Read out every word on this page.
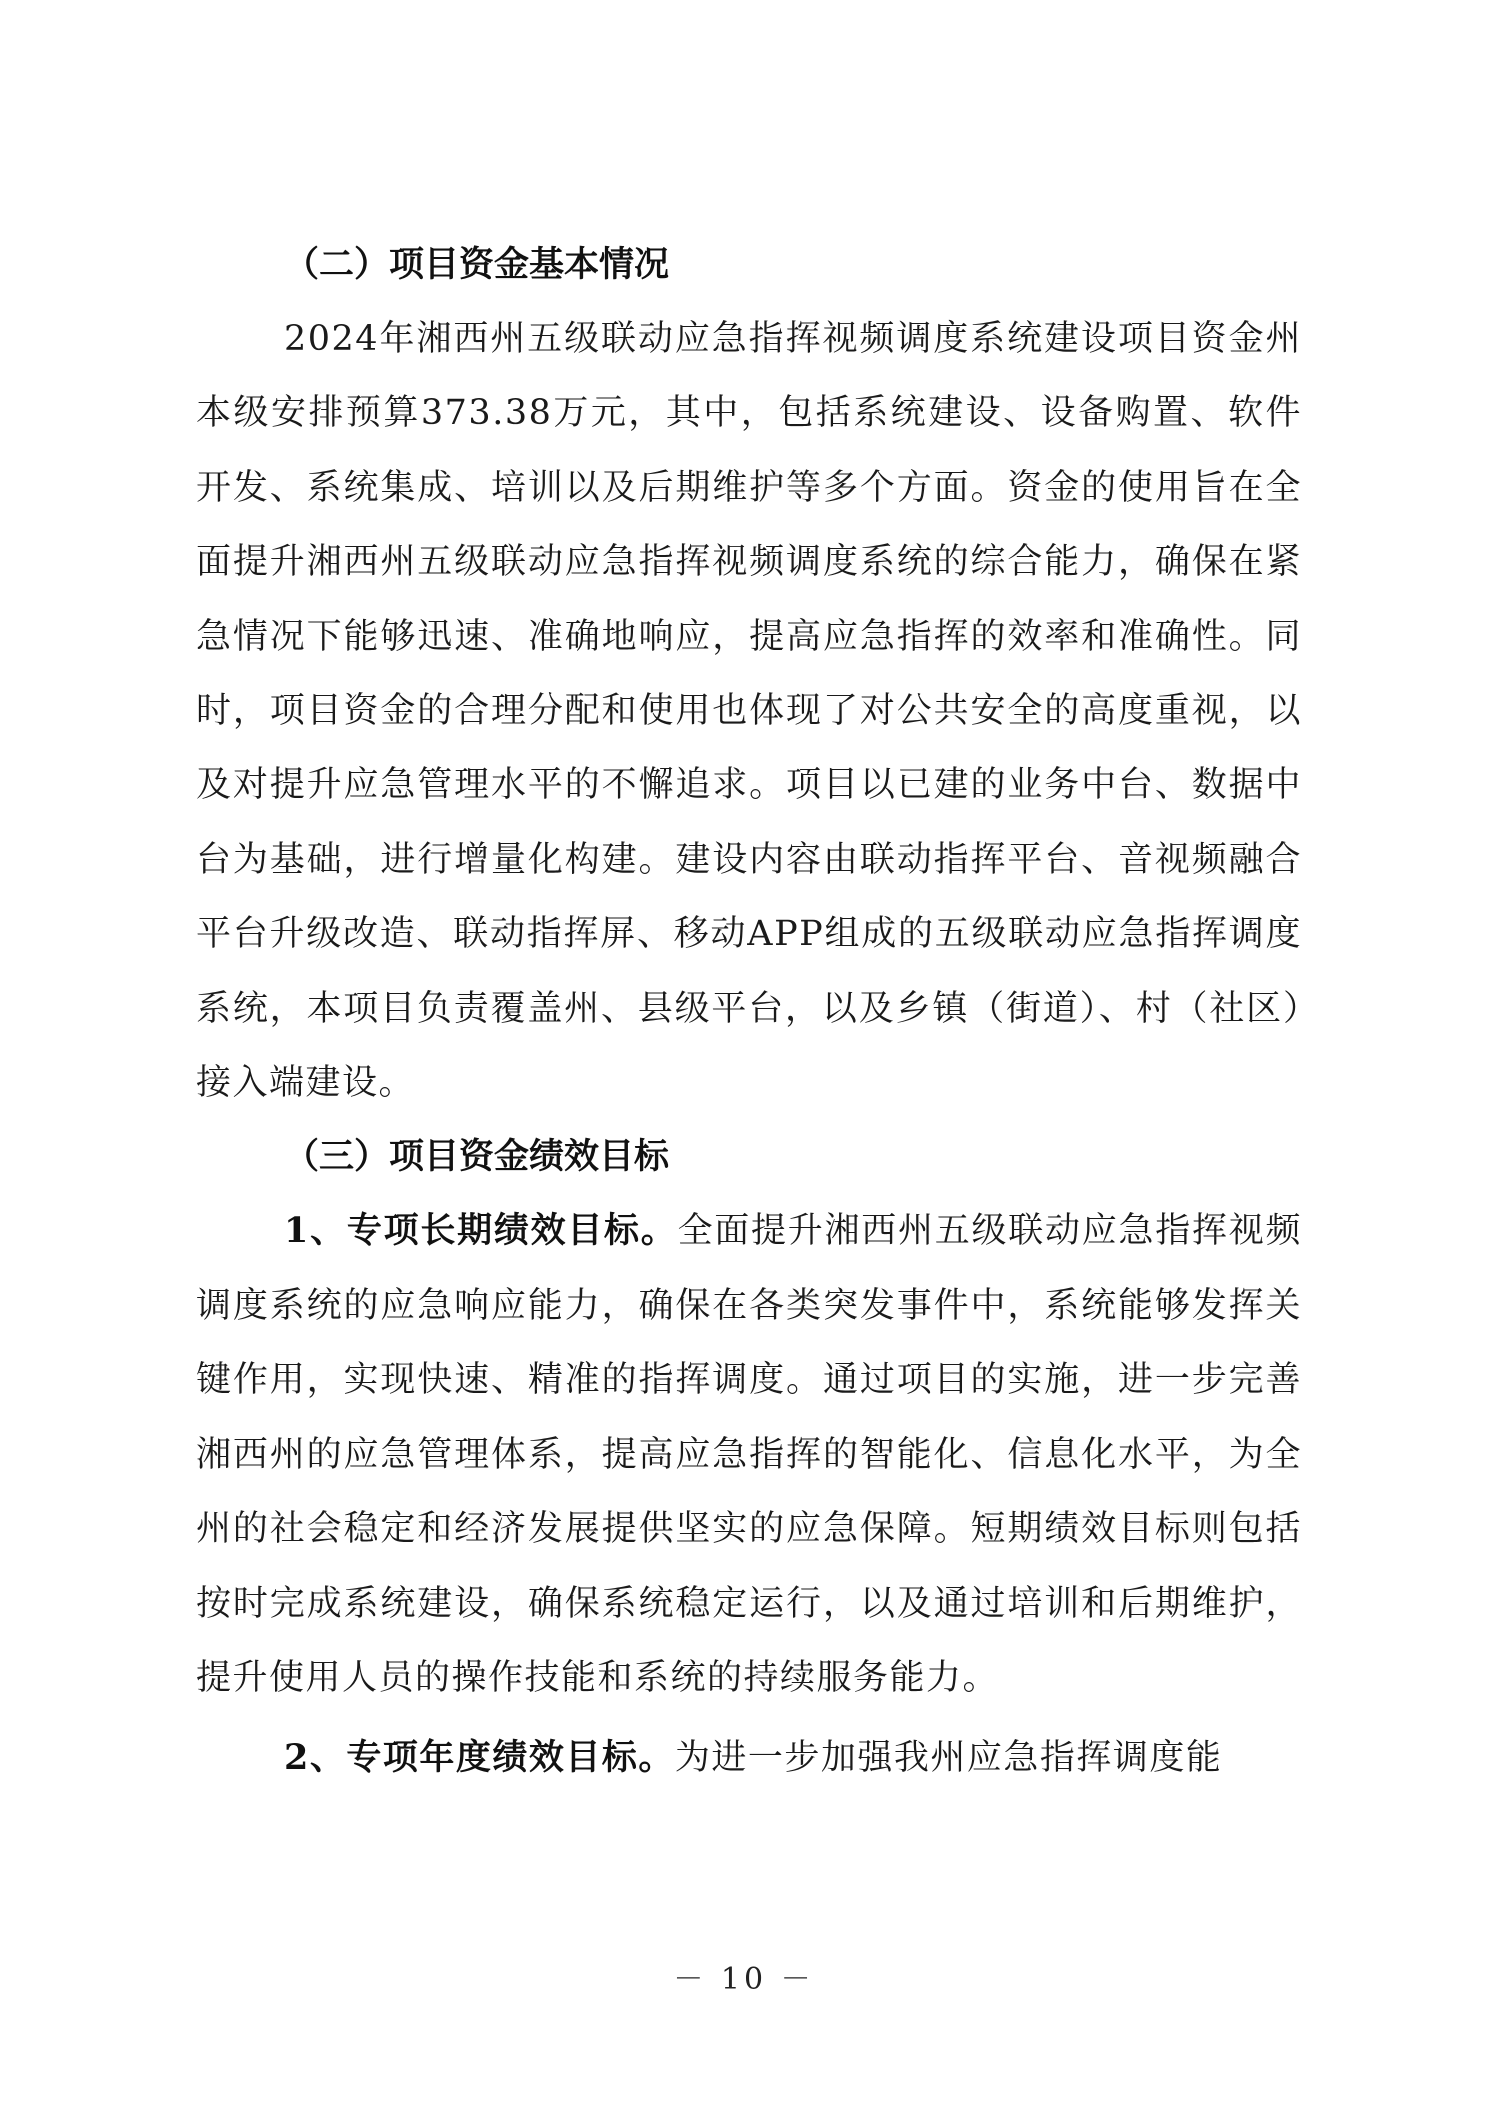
（二）项目资金基本情况

2024年湘西州五级联动应急指挥视频调度系统建设项目资金州本级安排预算373.38万元，其中，包括系统建设、设备购置、软件开发、系统集成、培训以及后期维护等多个方面。资金的使用旨在全面提升湘西州五级联动应急指挥视频调度系统的综合能力，确保在紧急情况下能够迅速、准确地响应，提高应急指挥的效率和准确性。同时，项目资金的合理分配和使用也体现了对公共安全的高度重视，以及对提升应急管理水平的不懈追求。项目以已建的业务中台、数据中台为基础，进行增量化构建。建设内容由联动指挥平台、音视频融合平台升级改造、联动指挥屏、移动APP组成的五级联动应急指挥调度系统，本项目负责覆盖州、县级平台，以及乡镇（街道）、村（社区）接入端建设。

（三）项目资金绩效目标

1、专项长期绩效目标。全面提升湘西州五级联动应急指挥视频调度系统的应急响应能力，确保在各类突发事件中，系统能够发挥关键作用，实现快速、精准的指挥调度。通过项目的实施，进一步完善湘西州的应急管理体系，提高应急指挥的智能化、信息化水平，为全州的社会稳定和经济发展提供坚实的应急保障。短期绩效目标则包括按时完成系统建设，确保系统稳定运行，以及通过培训和后期维护，提升使用人员的操作技能和系统的持续服务能力。

2、专项年度绩效目标。为进一步加强我州应急指挥调度能

－ 10 －
